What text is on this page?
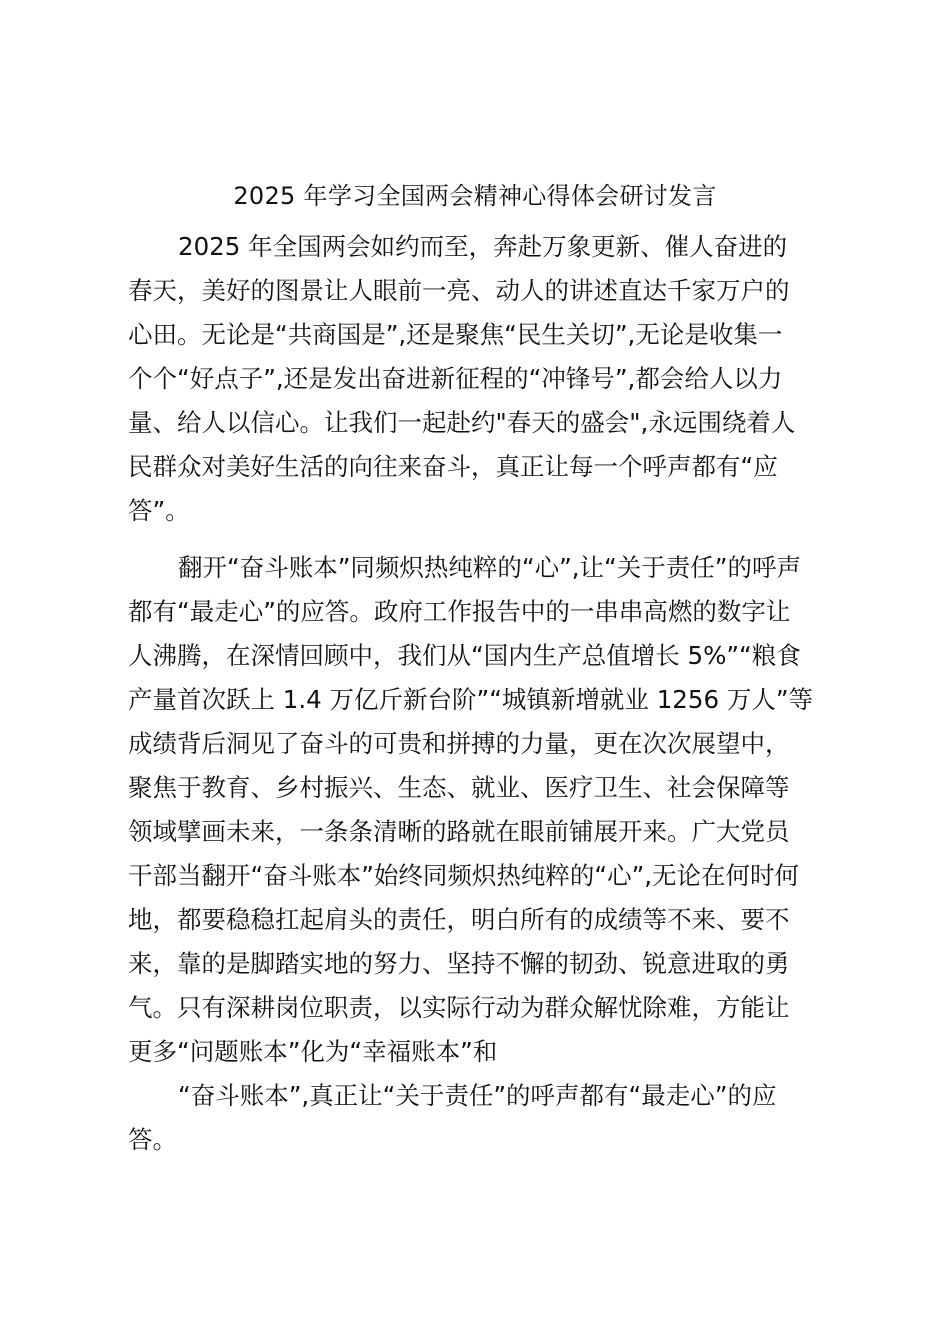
2025 年学习全国两会精神心得体会研讨发言

2025 年全国两会如约而至，奔赴万象更新、催人奋进的

春天，美好的图景让人眼前一亮、动人的讲述直达千家万户的

心田。无论是“共商国是”,还是聚焦“民生关切”,无论是收集一

个个“好点子”,还是发出奋进新征程的“冲锋号”,都会给人以力

量、给人以信心。让我们一起赴约"春天的盛会",永远围绕着人

民群众对美好生活的向往来奋斗，真正让每一个呼声都有“应

答”。

翻开“奋斗账本”同频炽热纯粹的“心”,让“关于责任”的呼声

都有“最走心”的应答。政府工作报告中的一串串高燃的数字让

人沸腾，在深情回顾中，我们从“国内生产总值增长 5%”“粮食

产量首次跃上 1.4 万亿斤新台阶”“城镇新增就业 1256 万人”等

成绩背后洞见了奋斗的可贵和拼搏的力量，更在次次展望中，

聚焦于教育、乡村振兴、生态、就业、医疗卫生、社会保障等

领域擘画未来，一条条清晰的路就在眼前铺展开来。广大党员

干部当翻开“奋斗账本”始终同频炽热纯粹的“心”,无论在何时何

地，都要稳稳扛起肩头的责任，明白所有的成绩等不来、要不

来，靠的是脚踏实地的努力、坚持不懈的韧劲、锐意进取的勇

气。只有深耕岗位职责，以实际行动为群众解忧除难，方能让

更多“问题账本”化为“幸福账本”和

“奋斗账本”,真正让“关于责任”的呼声都有“最走心”的应

答。
